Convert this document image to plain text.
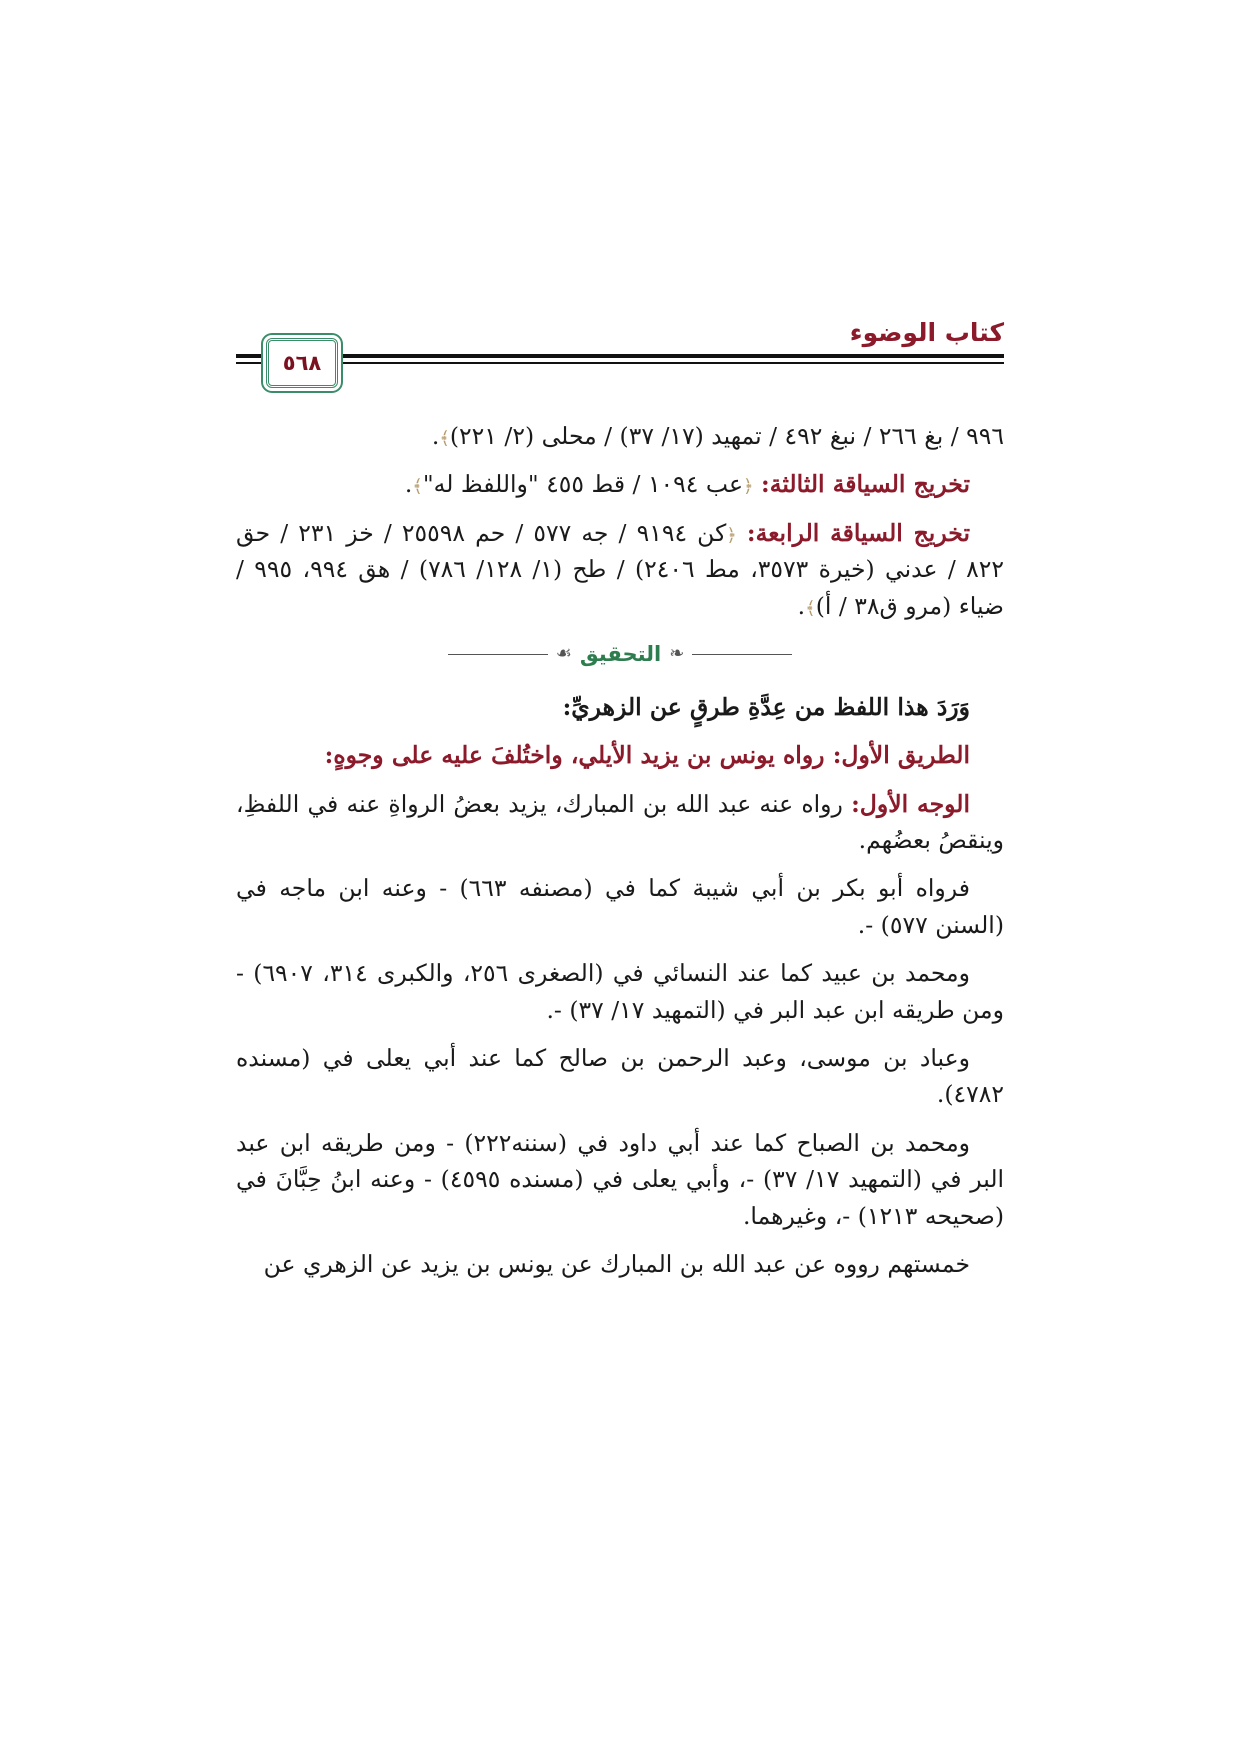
كتاب الوضوء
٥٦٨

٩٩٦ / بغ ٢٦٦ / نبغ ٤٩٢ / تمهيد (١٧/ ٣٧) / محلى (٢/ ٢٢١)﴾.

تخريج السياقة الثالثة: ﴿عب ١٠٩٤ / قط ٤٥٥ "واللفظ له"﴾.

تخريج السياقة الرابعة: ﴿كن ٩١٩٤ / جه ٥٧٧ / حم ٢٥٥٩٨ / خز ٢٣١ / حق ٨٢٢ / عدني (خيرة ٣٥٧٣، مط ٢٤٠٦) / طح (١/ ١٢٨/ ٧٨٦) / هق ٩٩٤، ٩٩٥ / ضياء (مرو ق٣٨ / أ)﴾.

❧
التحقيق
☙

وَرَدَ هذا اللفظ من عِدَّةِ طرقٍ عن الزهريِّ:

الطريق الأول: رواه يونس بن يزيد الأيلي، واختُلفَ عليه على وجوهٍ:

الوجه الأول: رواه عنه عبد الله بن المبارك، يزيد بعضُ الرواةِ عنه في اللفظِ، وينقصُ بعضُهم.

فرواه أبو بكر بن أبي شيبة كما في (مصنفه ٦٦٣) - وعنه ابن ماجه في (السنن ٥٧٧) -.

ومحمد بن عبيد كما عند النسائي في (الصغرى ٢٥٦، والكبرى ٣١٤، ٦٩٠٧) - ومن طريقه ابن عبد البر في (التمهيد ١٧/ ٣٧) -.

وعباد بن موسى، وعبد الرحمن بن صالح كما عند أبي يعلى في (مسنده ٤٧٨٢).

ومحمد بن الصباح كما عند أبي داود في (سننه٢٢٢) - ومن طريقه ابن عبد البر في (التمهيد ١٧/ ٣٧) -، وأبي يعلى في (مسنده ٤٥٩٥) - وعنه ابنُ حِبَّانَ في (صحيحه ١٢١٣) -، وغيرهما.

خمستهم رووه عن عبد الله بن المبارك عن يونس بن يزيد عن الزهري عن
